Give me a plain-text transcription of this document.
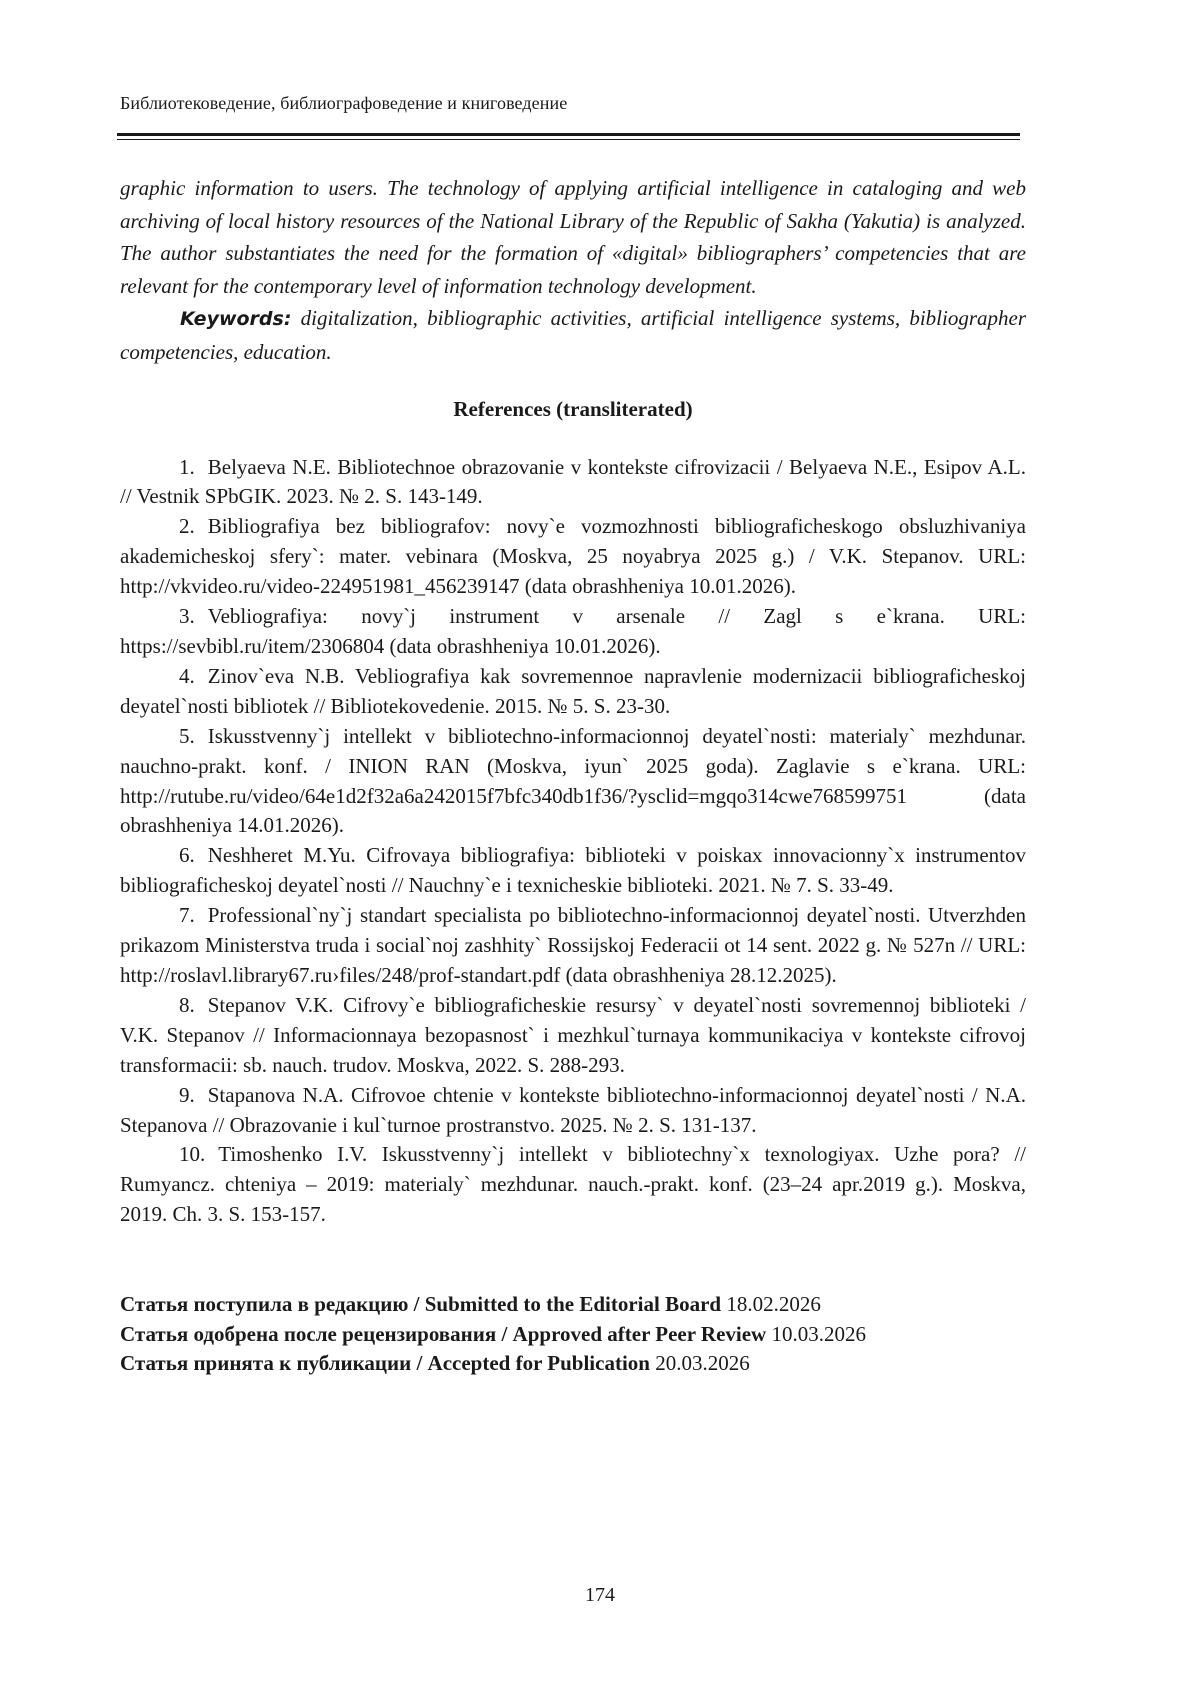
Библиотековедение, библиографоведение и книговедение

graphic information to users. The technology of applying artificial intelligence in cataloging and web archiving of local history resources of the National Library of the Republic of Sakha (Yakutia) is analyzed. The author substantiates the need for the formation of «digital» bibliographers’ competencies that are relevant for the contemporary level of information technology development.

Keywords: digitalization, bibliographic activities, artificial intelligence systems, bibliographer competencies, education.

References (transliterated)
1. Belyaeva N.E. Bibliotechnoe obrazovanie v kontekste cifrovizacii / Belyaeva N.E., Esipov A.L. // Vestnik SPbGIK. 2023. № 2. S. 143-149.
2. Bibliografiya bez bibliografov: novy`e vozmozhnosti bibliograficheskogo obsluzhivaniya akademicheskoj sfery`: mater. vebinara (Moskva, 25 noyabrya 2025 g.) / V.K. Stepanov. URL: http://vkvideo.ru/video-224951981_456239147 (data obrashheniya 10.01.2026).
3. Vebliografiya: novy`j instrument v arsenale // Zagl s e`krana. URL: https://sevbibl.ru/item/2306804 (data obrashheniya 10.01.2026).
4. Zinov`eva N.B. Vebliografiya kak sovremennoe napravlenie modernizacii bibliograficheskoj deyatel`nosti bibliotek // Bibliotekovedenie. 2015. № 5. S. 23-30.
5. Iskusstvenny`j intellekt v bibliotechno-informacionnoj deyatel`nosti: materialy` mezhdunar. nauchno-prakt. konf. / INION RAN (Moskva, iyun` 2025 goda). Zaglavie s e`krana. URL: http://rutube.ru/video/64e1d2f32a6a242015f7bfc340db1f36/?ysclid=mgqo314cwe768599751 (data obrashheniya 14.01.2026).
6. Neshheret M.Yu. Cifrovaya bibliografiya: biblioteki v poiskax innovacionny`x instrumentov bibliograficheskoj deyatel`nosti // Nauchny`e i texnicheskie biblioteki. 2021. № 7. S. 33-49.
7. Professional`ny`j standart specialista po bibliotechno-informacionnoj deyatel`nosti. Utverzhden prikazom Ministerstva truda i social`noj zashhity` Rossijskoj Federacii ot 14 sent. 2022 g. № 527n // URL: http://roslavl.library67.ru›files/248/prof-standart.pdf (data obrashheniya 28.12.2025).
8. Stepanov V.K. Cifrovy`e bibliograficheskie resursy` v deyatel`nosti sovremennoj biblioteki / V.K. Stepanov // Informacionnaya bezopasnost` i mezhkul`turnaya kommunikaciya v kontekste cifrovoj transformacii: sb. nauch. trudov. Moskva, 2022. S. 288-293.
9. Stapanova N.A. Cifrovoe chtenie v kontekste bibliotechno-informacionnoj deyatel`nosti / N.A. Stepanova // Obrazovanie i kul`turnoe prostranstvo. 2025. № 2. S. 131-137.
10. Timoshenko I.V. Iskusstvenny`j intellekt v bibliotechny`x texnologiyax. Uzhe pora? // Rumyancz. chteniya – 2019: materialy` mezhdunar. nauch.-prakt. konf. (23–24 apr.2019 g.). Moskva, 2019. Ch. 3. S. 153-157.
Статья поступила в редакцию / Submitted to the Editorial Board 18.02.2026
Статья одобрена после рецензирования / Approved after Peer Review 10.03.2026
Статья принята к публикации / Accepted for Publication 20.03.2026
174
